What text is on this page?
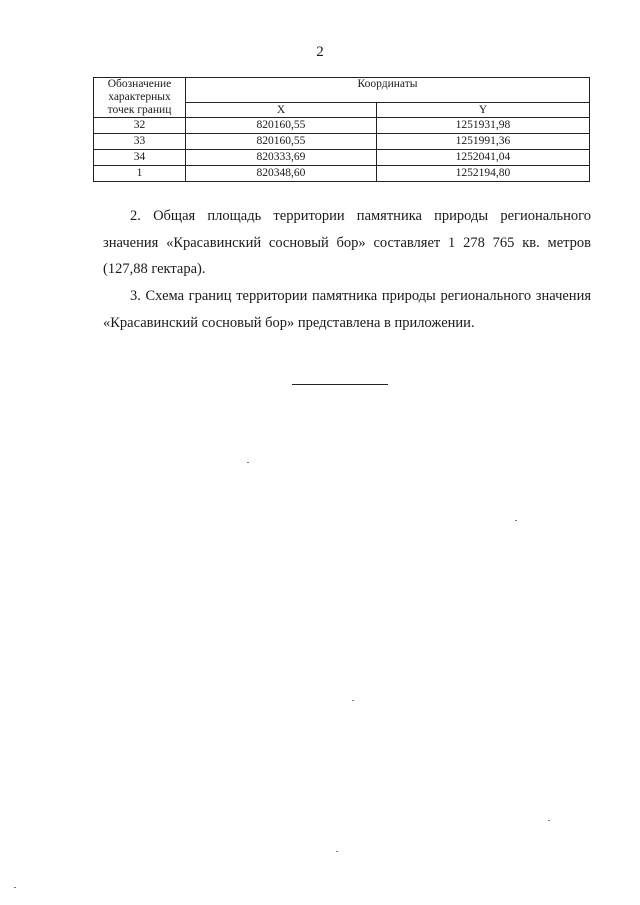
2
Обозначение характерных точек границ	Координаты	
	X	Y
32	820160,55	1251931,98
33	820160,55	1251991,36
34	820333,69	1252041,04
1	820348,60	1252194,80
2. Общая площадь территории памятника природы регионального значения «Красавинский сосновый бор» составляет 1 278 765 кв. метров (127,88 гектара).
3. Схема границ территории памятника природы регионального значения «Красавинский сосновый бор» представлена в приложении.
